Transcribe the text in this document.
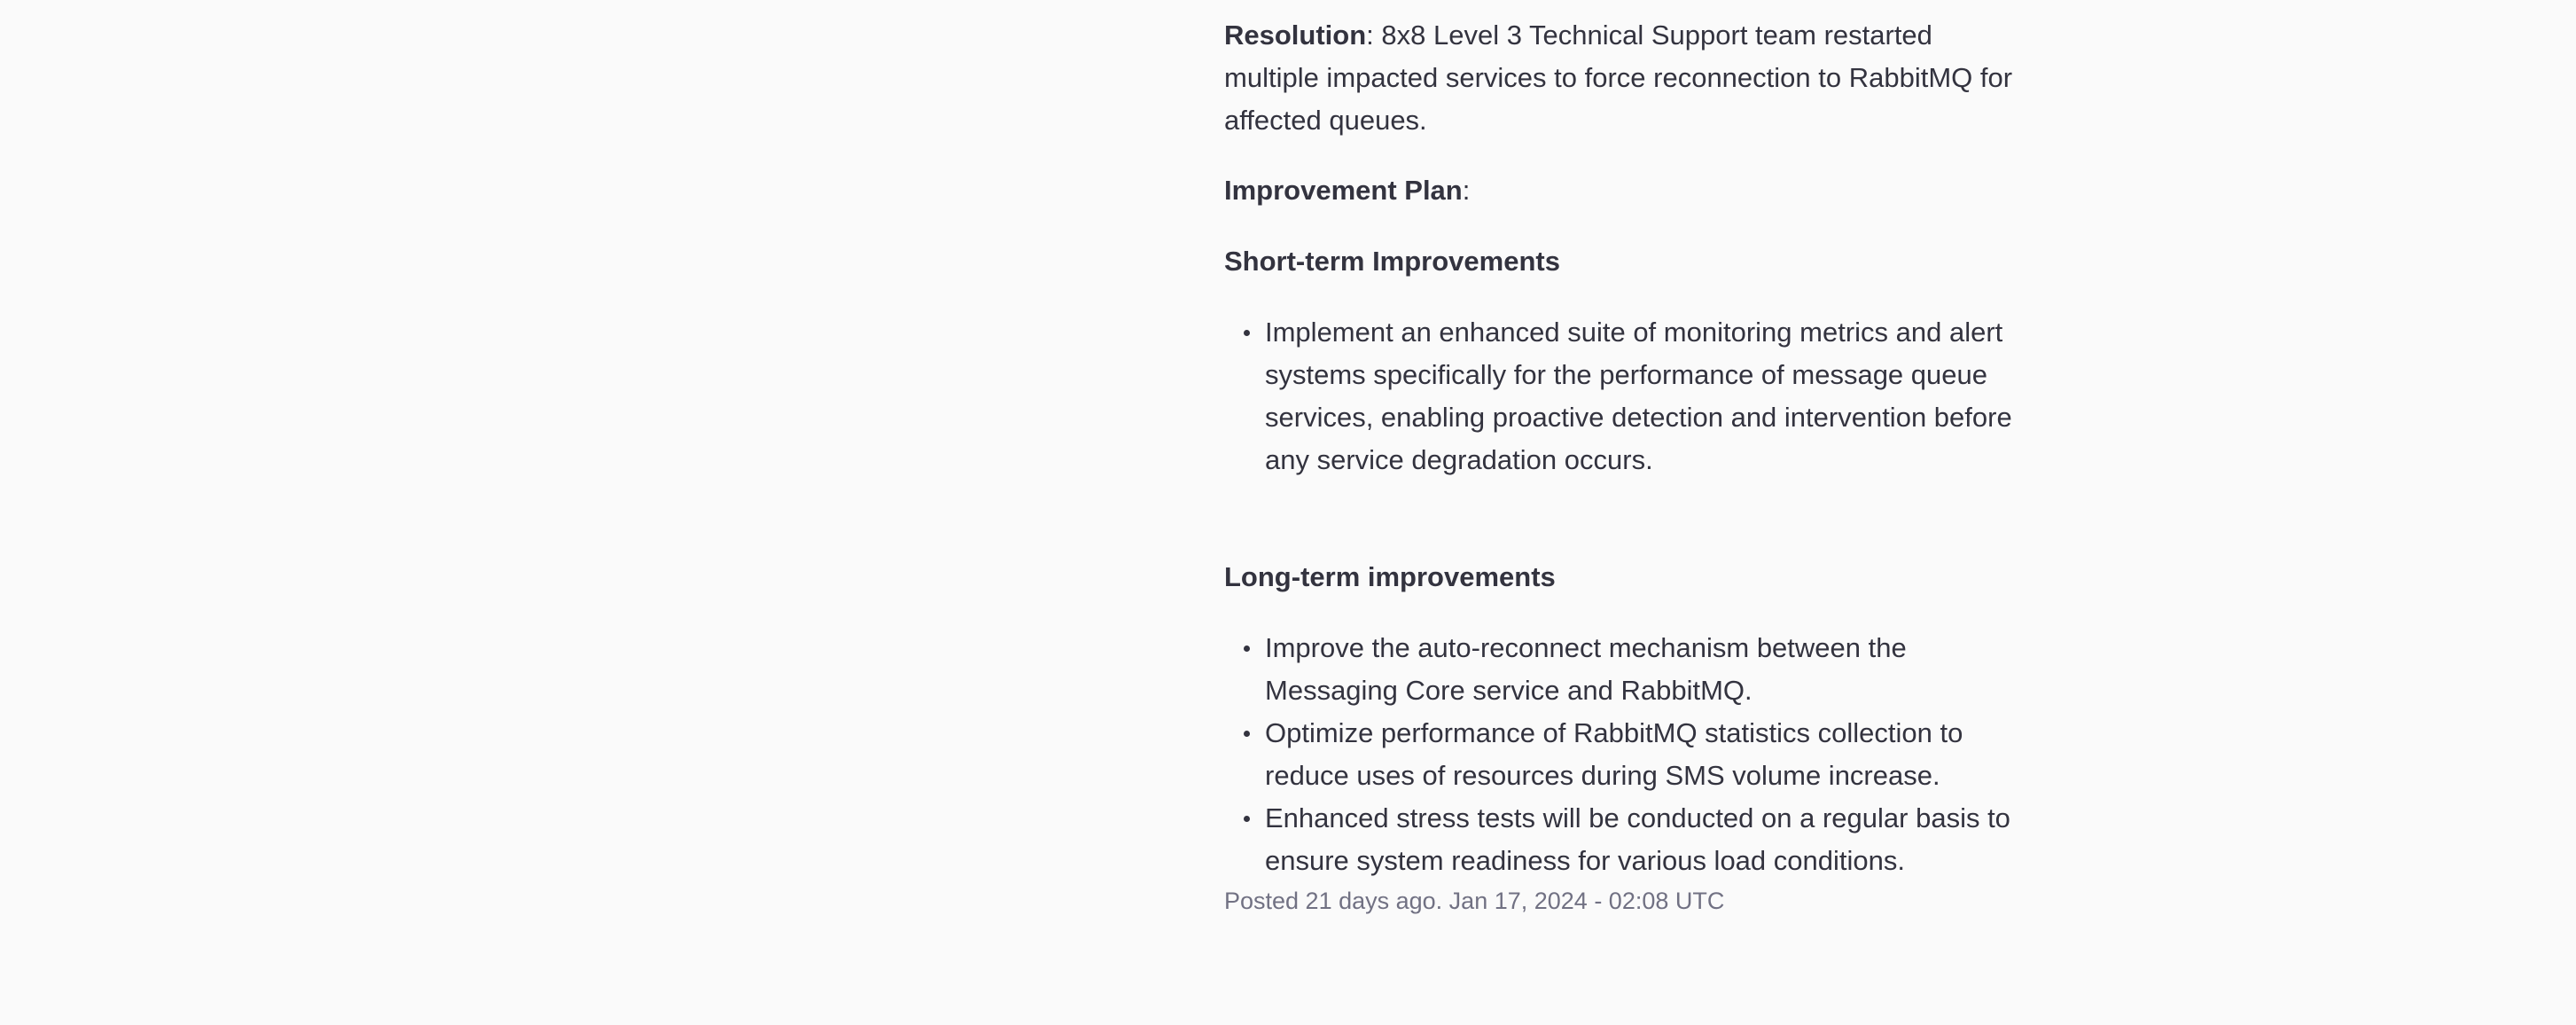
Resolution: 8x8 Level 3 Technical Support team restarted multiple impacted services to force reconnection to RabbitMQ for affected queues.

Improvement Plan:

Short-term Improvements

Implement an enhanced suite of monitoring metrics and alert systems specifically for the performance of message queue services, enabling proactive detection and intervention before any service degradation occurs.

Long-term improvements

Improve the auto-reconnect mechanism between the Messaging Core service and RabbitMQ.
Optimize performance of RabbitMQ statistics collection to reduce uses of resources during SMS volume increase.
Enhanced stress tests will be conducted on a regular basis to ensure system readiness for various load conditions.
Posted 21 days ago. Jan 17, 2024 - 02:08 UTC
